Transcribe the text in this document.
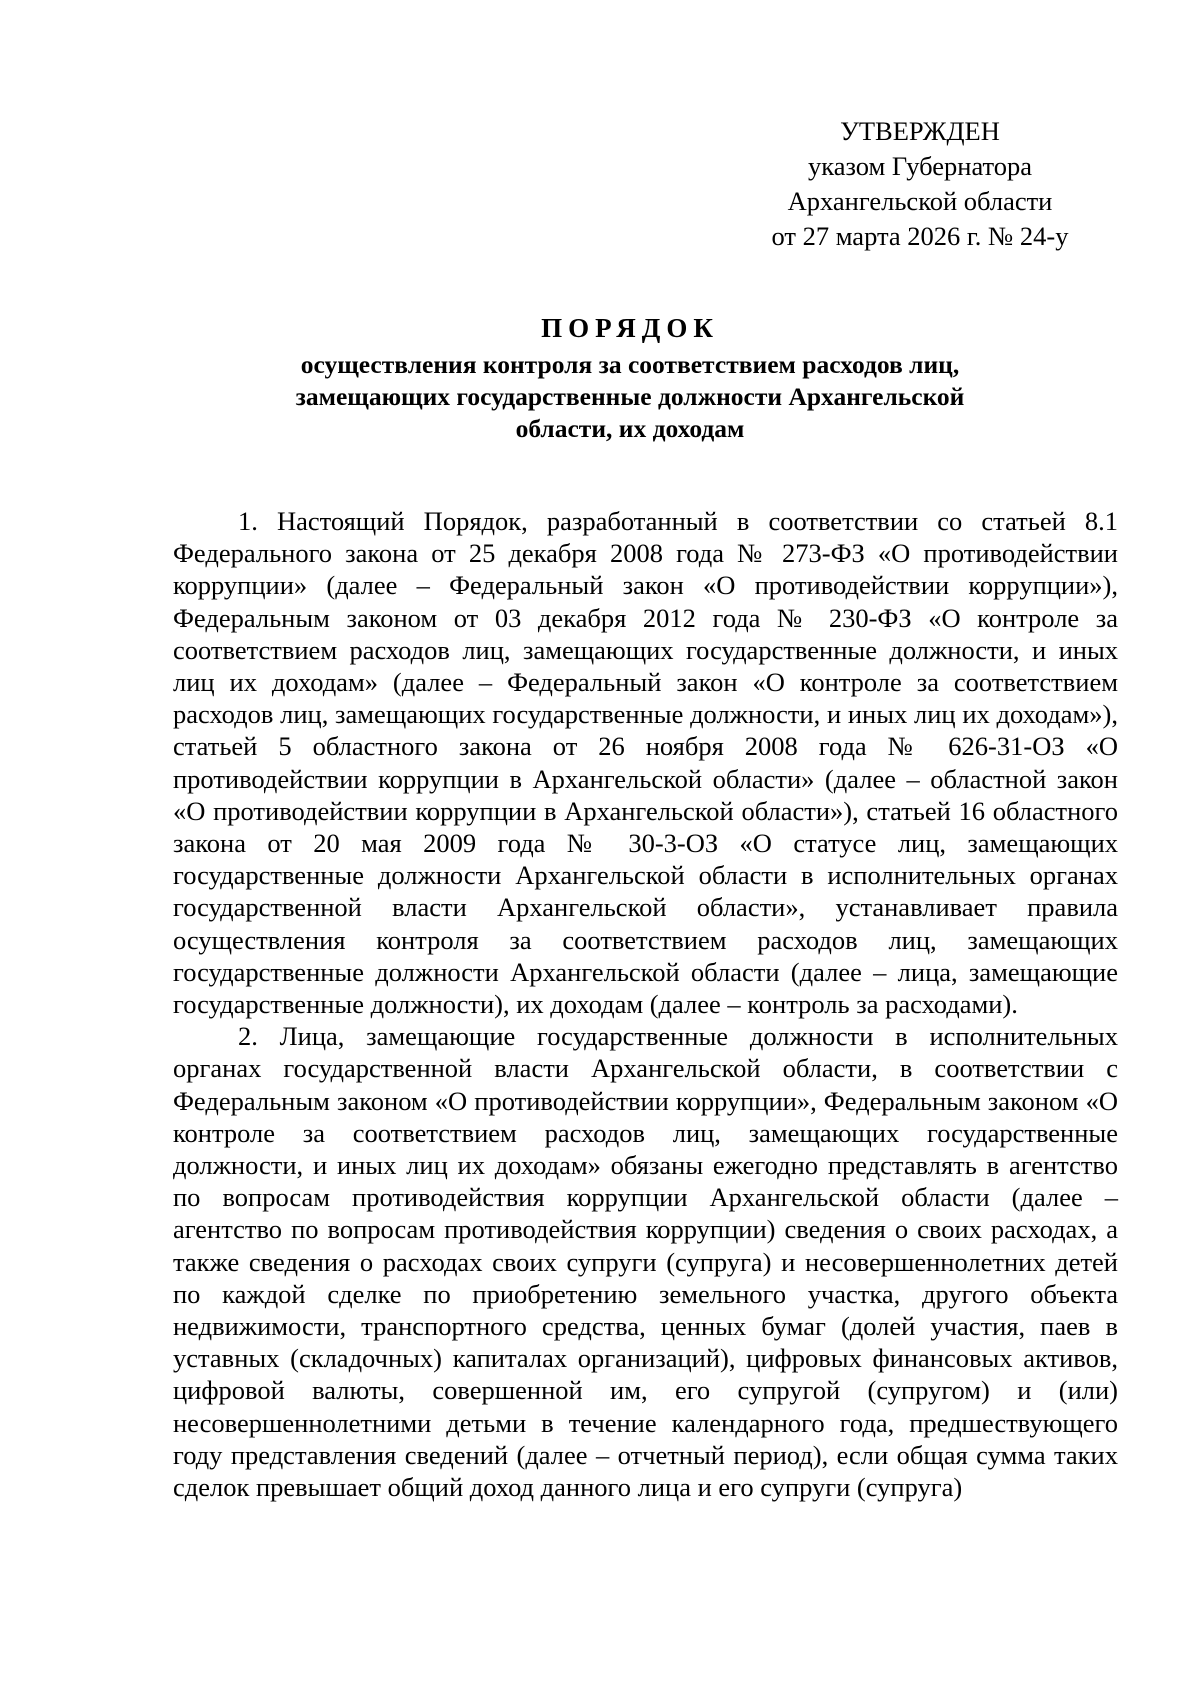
УТВЕРЖДЕН
указом Губернатора
Архангельской области
от 27 марта 2026 г. № 24-у
ПОРЯДОК
осуществления контроля за соответствием расходов лиц,
замещающих государственные должности Архангельской
области, их доходам

1. Настоящий Порядок, разработанный в соответствии со статьей 8.1 Федерального закона от 25 декабря 2008 года № 273-ФЗ «О противодействии коррупции» (далее – Федеральный закон «О противодействии коррупции»), Федеральным законом от 03 декабря 2012 года № 230-ФЗ «О контроле за соответствием расходов лиц, замещающих государственные должности, и иных лиц их доходам» (далее – Федеральный закон «О контроле за соответствием расходов лиц, замещающих государственные должности, и иных лиц их доходам»), статьей 5 областного закона от 26 ноября 2008 года № 626-31-ОЗ «О противодействии коррупции в Архангельской области» (далее – областной закон «О противодействии коррупции в Архангельской области»), статьей 16 областного закона от 20 мая 2009 года № 30-3-ОЗ «О статусе лиц, замещающих государственные должности Архангельской области в исполнительных органах государственной власти Архангельской области», устанавливает правила осуществления контроля за соответствием расходов лиц, замещающих государственные должности Архангельской области (далее – лица, замещающие государственные должности), их доходам (далее – контроль за расходами).

2. Лица, замещающие государственные должности в исполнительных органах государственной власти Архангельской области, в соответствии с Федеральным законом «О противодействии коррупции», Федеральным законом «О контроле за соответствием расходов лиц, замещающих государственные должности, и иных лиц их доходам» обязаны ежегодно представлять в агентство по вопросам противодействия коррупции Архангельской области (далее – агентство по вопросам противодействия коррупции) сведения о своих расходах, а также сведения о расходах своих супруги (супруга) и несовершеннолетних детей по каждой сделке по приобретению земельного участка, другого объекта недвижимости, транспортного средства, ценных бумаг (долей участия, паев в уставных (складочных) капиталах организаций), цифровых финансовых активов, цифровой валюты, совершенной им, его супругой (супругом) и (или) несовершеннолетними детьми в течение календарного года, предшествующего году представления сведений (далее – отчетный период), если общая сумма таких сделок превышает общий доход данного лица и его супруги (супруга)
